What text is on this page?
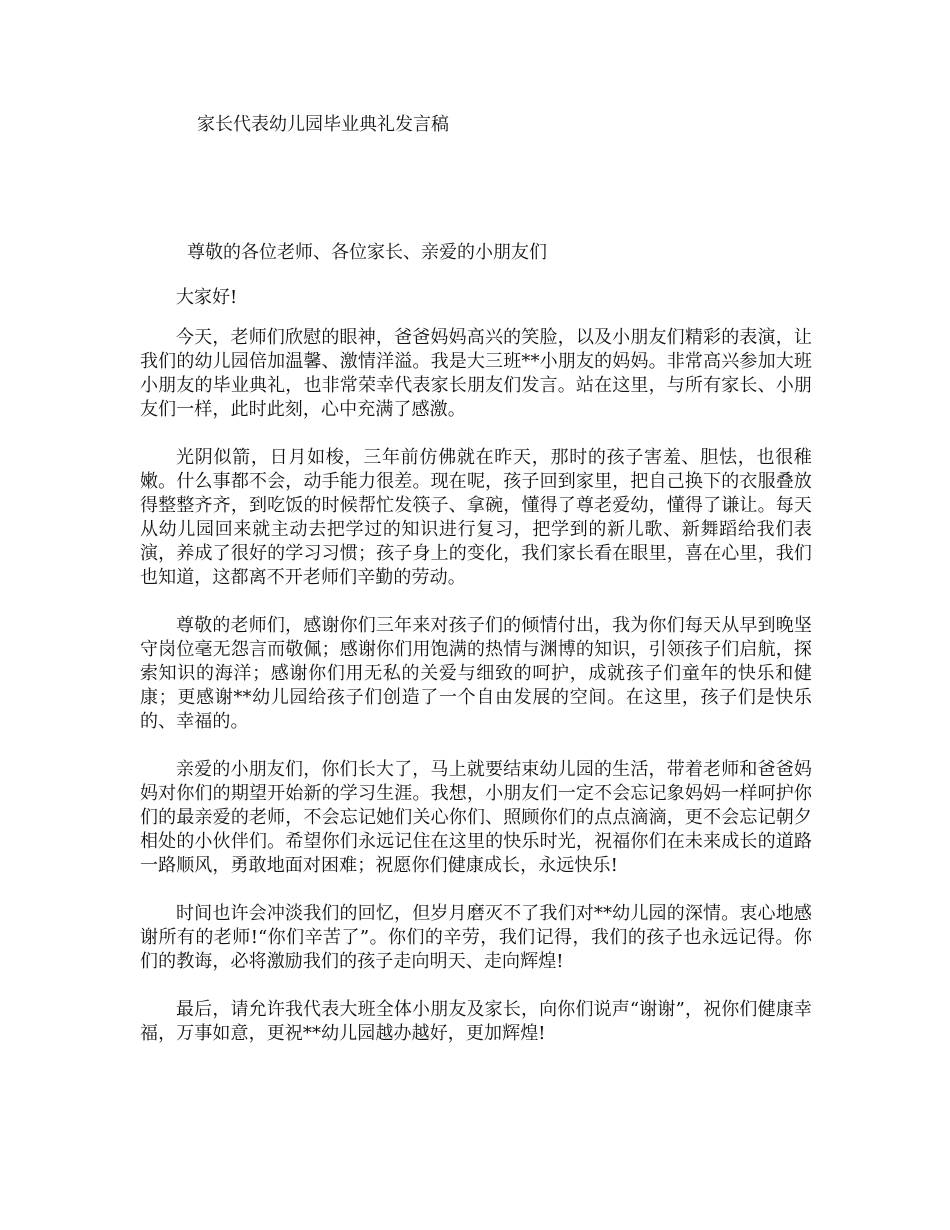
家长代表幼儿园毕业典礼发言稿
尊敬的各位老师、各位家长、亲爱的小朋友们
大家好!

今天，老师们欣慰的眼神，爸爸妈妈高兴的笑脸，以及小朋友们精彩的表演，让我们的幼儿园倍加温馨、激情洋溢。我是大三班**小朋友的妈妈。非常高兴参加大班小朋友的毕业典礼，也非常荣幸代表家长朋友们发言。站在这里，与所有家长、小朋友们一样，此时此刻，心中充满了感激。

光阴似箭，日月如梭，三年前仿佛就在昨天，那时的孩子害羞、胆怯，也很稚嫩。什么事都不会，动手能力很差。现在呢，孩子回到家里，把自己换下的衣服叠放得整整齐齐，到吃饭的时候帮忙发筷子、拿碗，懂得了尊老爱幼，懂得了谦让。每天从幼儿园回来就主动去把学过的知识进行复习，把学到的新儿歌、新舞蹈给我们表演，养成了很好的学习习惯；孩子身上的变化，我们家长看在眼里，喜在心里，我们也知道，这都离不开老师们辛勤的劳动。

尊敬的老师们，感谢你们三年来对孩子们的倾情付出，我为你们每天从早到晚坚守岗位毫无怨言而敬佩；感谢你们用饱满的热情与渊博的知识，引领孩子们启航，探索知识的海洋；感谢你们用无私的关爱与细致的呵护，成就孩子们童年的快乐和健康；更感谢**幼儿园给孩子们创造了一个自由发展的空间。在这里，孩子们是快乐的、幸福的。

亲爱的小朋友们，你们长大了，马上就要结束幼儿园的生活，带着老师和爸爸妈妈对你们的期望开始新的学习生涯。我想，小朋友们一定不会忘记象妈妈一样呵护你们的最亲爱的老师，不会忘记她们关心你们、照顾你们的点点滴滴，更不会忘记朝夕相处的小伙伴们。希望你们永远记住在这里的快乐时光，祝福你们在未来成长的道路一路顺风，勇敢地面对困难；祝愿你们健康成长，永远快乐!

时间也许会冲淡我们的回忆，但岁月磨灭不了我们对**幼儿园的深情。衷心地感谢所有的老师!“你们辛苦了”。你们的辛劳，我们记得，我们的孩子也永远记得。你们的教诲，必将激励我们的孩子走向明天、走向辉煌!

最后，请允许我代表大班全体小朋友及家长，向你们说声“谢谢”，祝你们健康幸福，万事如意，更祝**幼儿园越办越好，更加辉煌!
